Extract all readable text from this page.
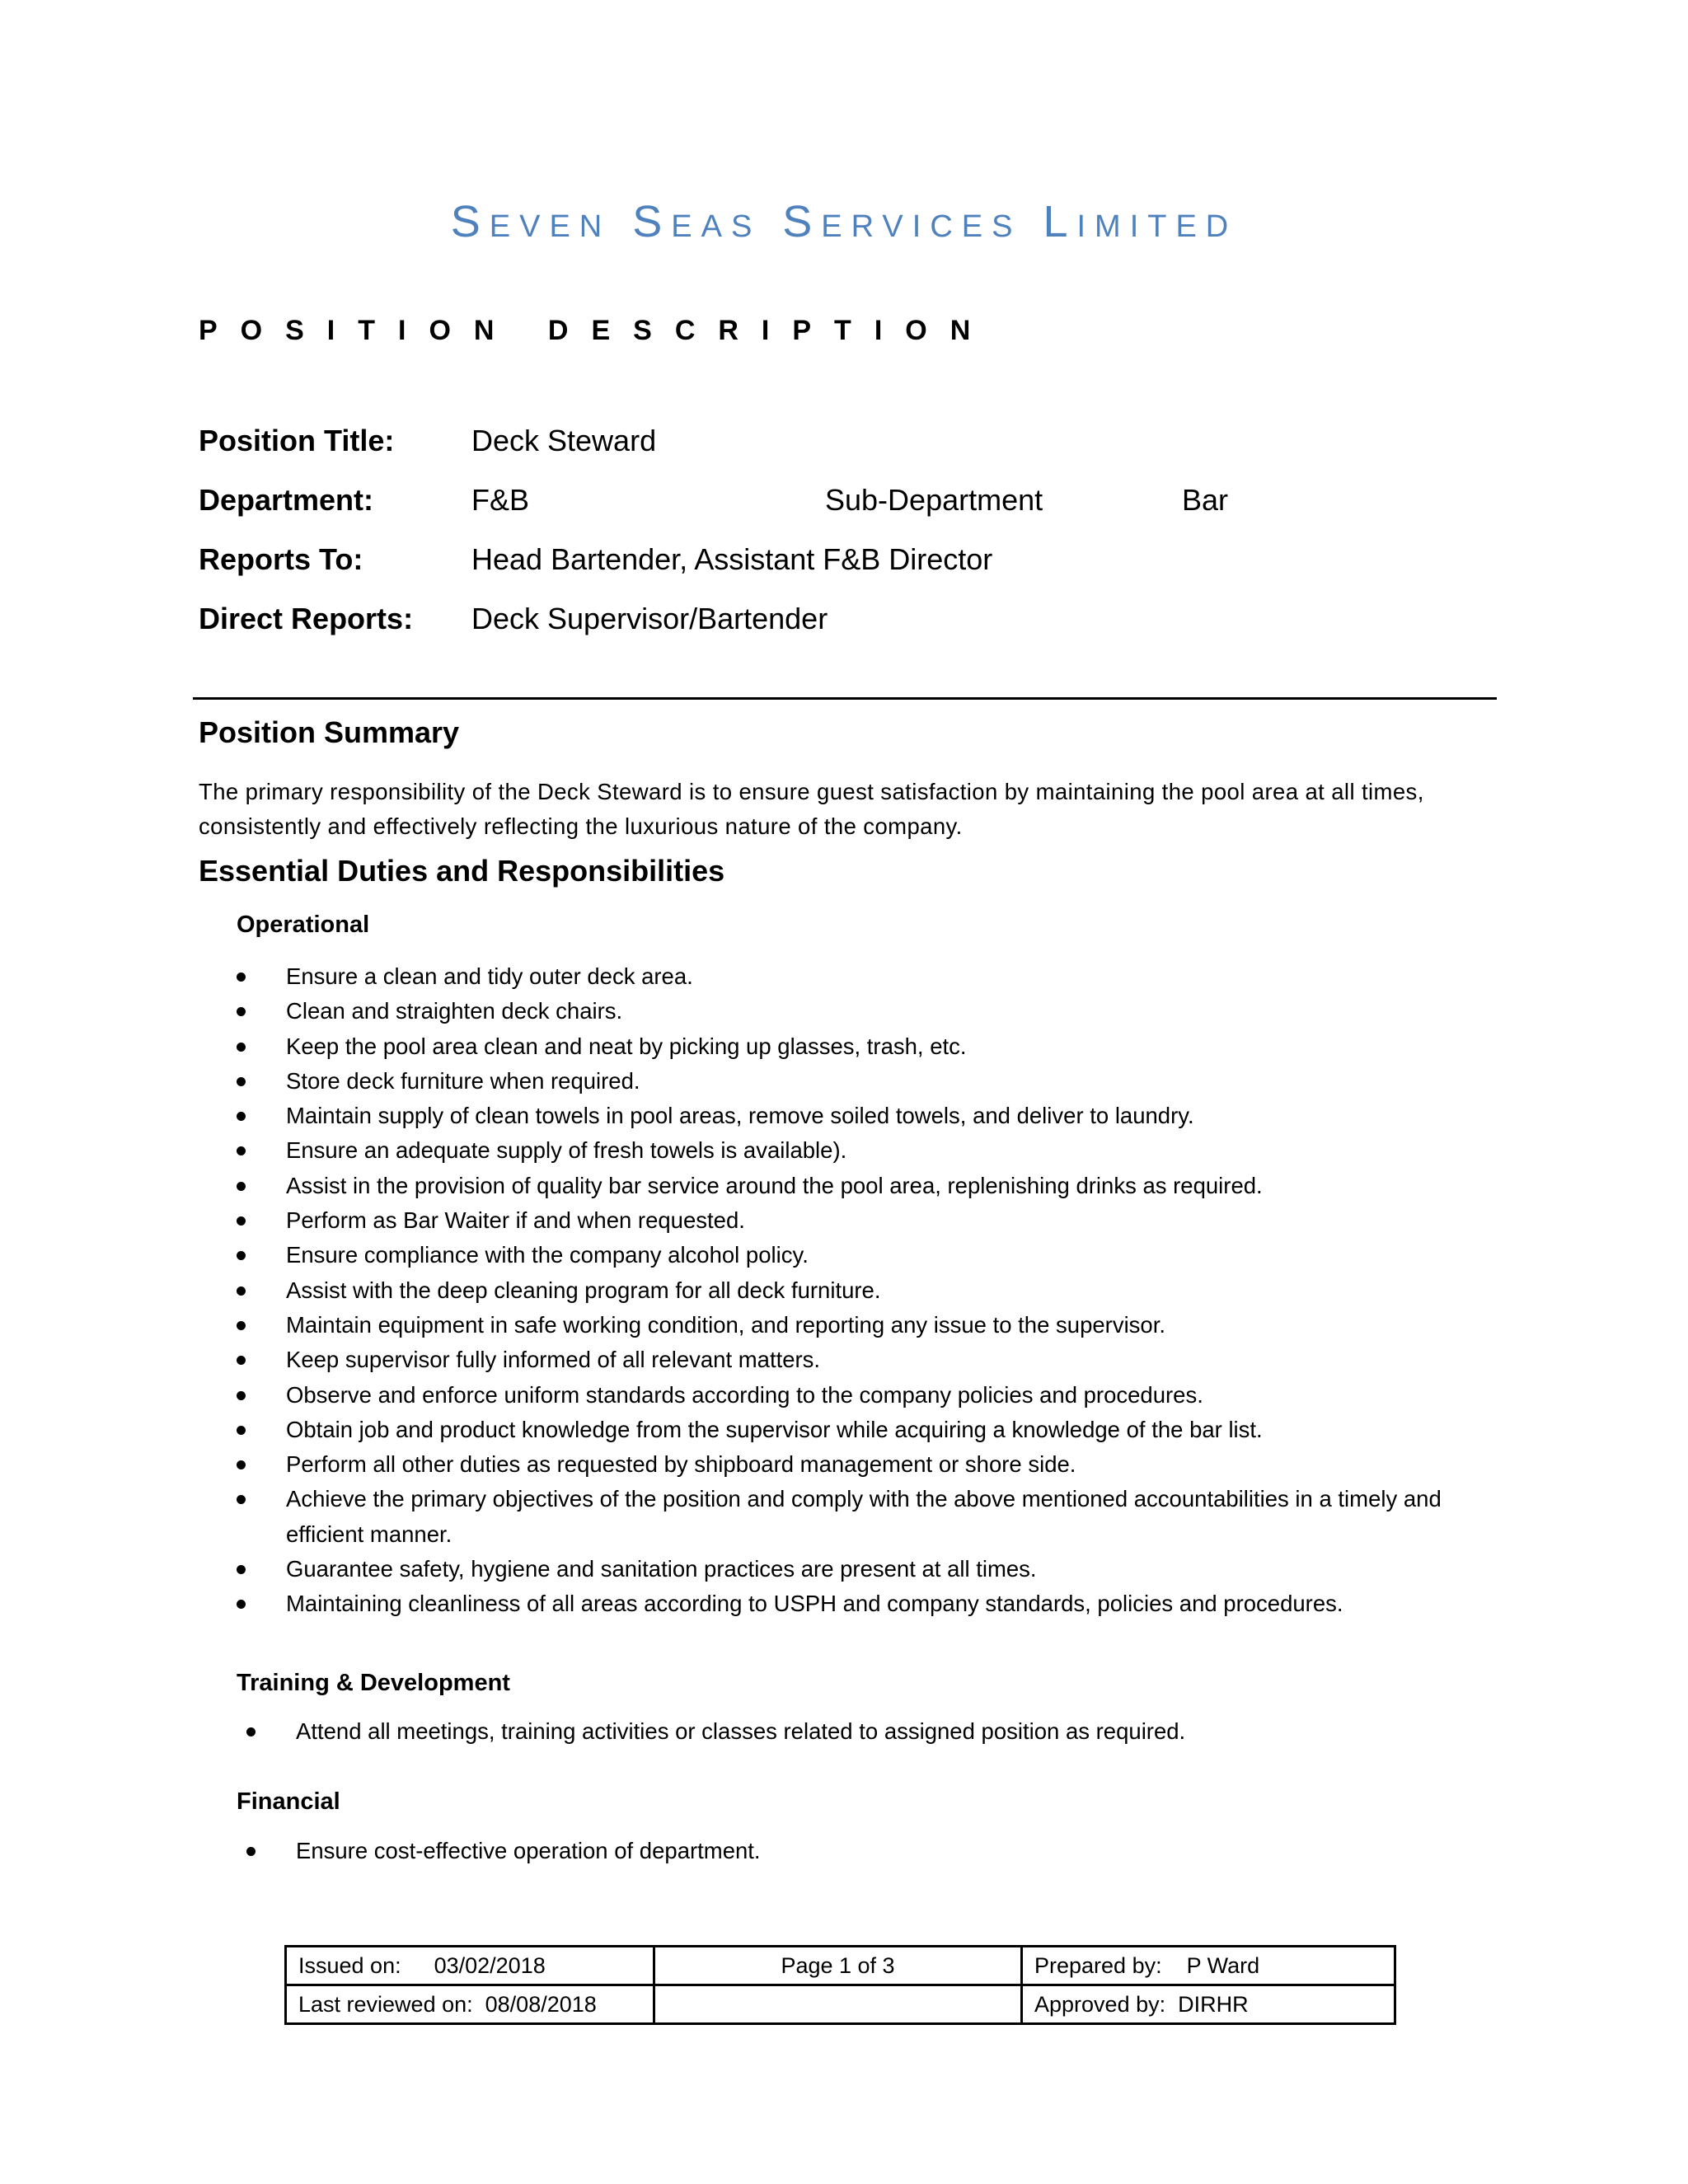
Seven Seas Services Limited
POSITION DESCRIPTION
Position Title:	Deck Steward
Department:	F&B	Sub-Department	Bar
Reports To:	Head Bartender, Assistant F&B Director
Direct Reports: Deck Supervisor/Bartender
Position Summary
The primary responsibility of the Deck Steward is to ensure guest satisfaction by maintaining the pool area at all times, consistently and effectively reflecting the luxurious nature of the company.
Essential Duties and Responsibilities
Operational
Ensure a clean and tidy outer deck area.
Clean and straighten deck chairs.
Keep the pool area clean and neat by picking up glasses, trash, etc.
Store deck furniture when required.
Maintain supply of clean towels in pool areas, remove soiled towels, and deliver to laundry.
Ensure an adequate supply of fresh towels is available).
Assist in the provision of quality bar service around the pool area, replenishing drinks as required.
Perform as Bar Waiter if and when requested.
Ensure compliance with the company alcohol policy.
Assist with the deep cleaning program for all deck furniture.
Maintain equipment in safe working condition, and reporting any issue to the supervisor.
Keep supervisor fully informed of all relevant matters.
Observe and enforce uniform standards according to the company policies and procedures.
Obtain job and product knowledge from the supervisor while acquiring a knowledge of the bar list.
Perform all other duties as requested by shipboard management or shore side.
Achieve the primary objectives of the position and comply with the above mentioned accountabilities in a timely and efficient manner.
Guarantee safety, hygiene and sanitation practices are present at all times.
Maintaining cleanliness of all areas according to USPH and company standards, policies and procedures.
Training & Development
Attend all meetings, training activities or classes related to assigned position as required.
Financial
Ensure cost-effective operation of department.
Issued on: 03/02/2018	Page 1 of 3	Prepared by: P Ward
Last reviewed on: 08/08/2018		Approved by: DIRHR
